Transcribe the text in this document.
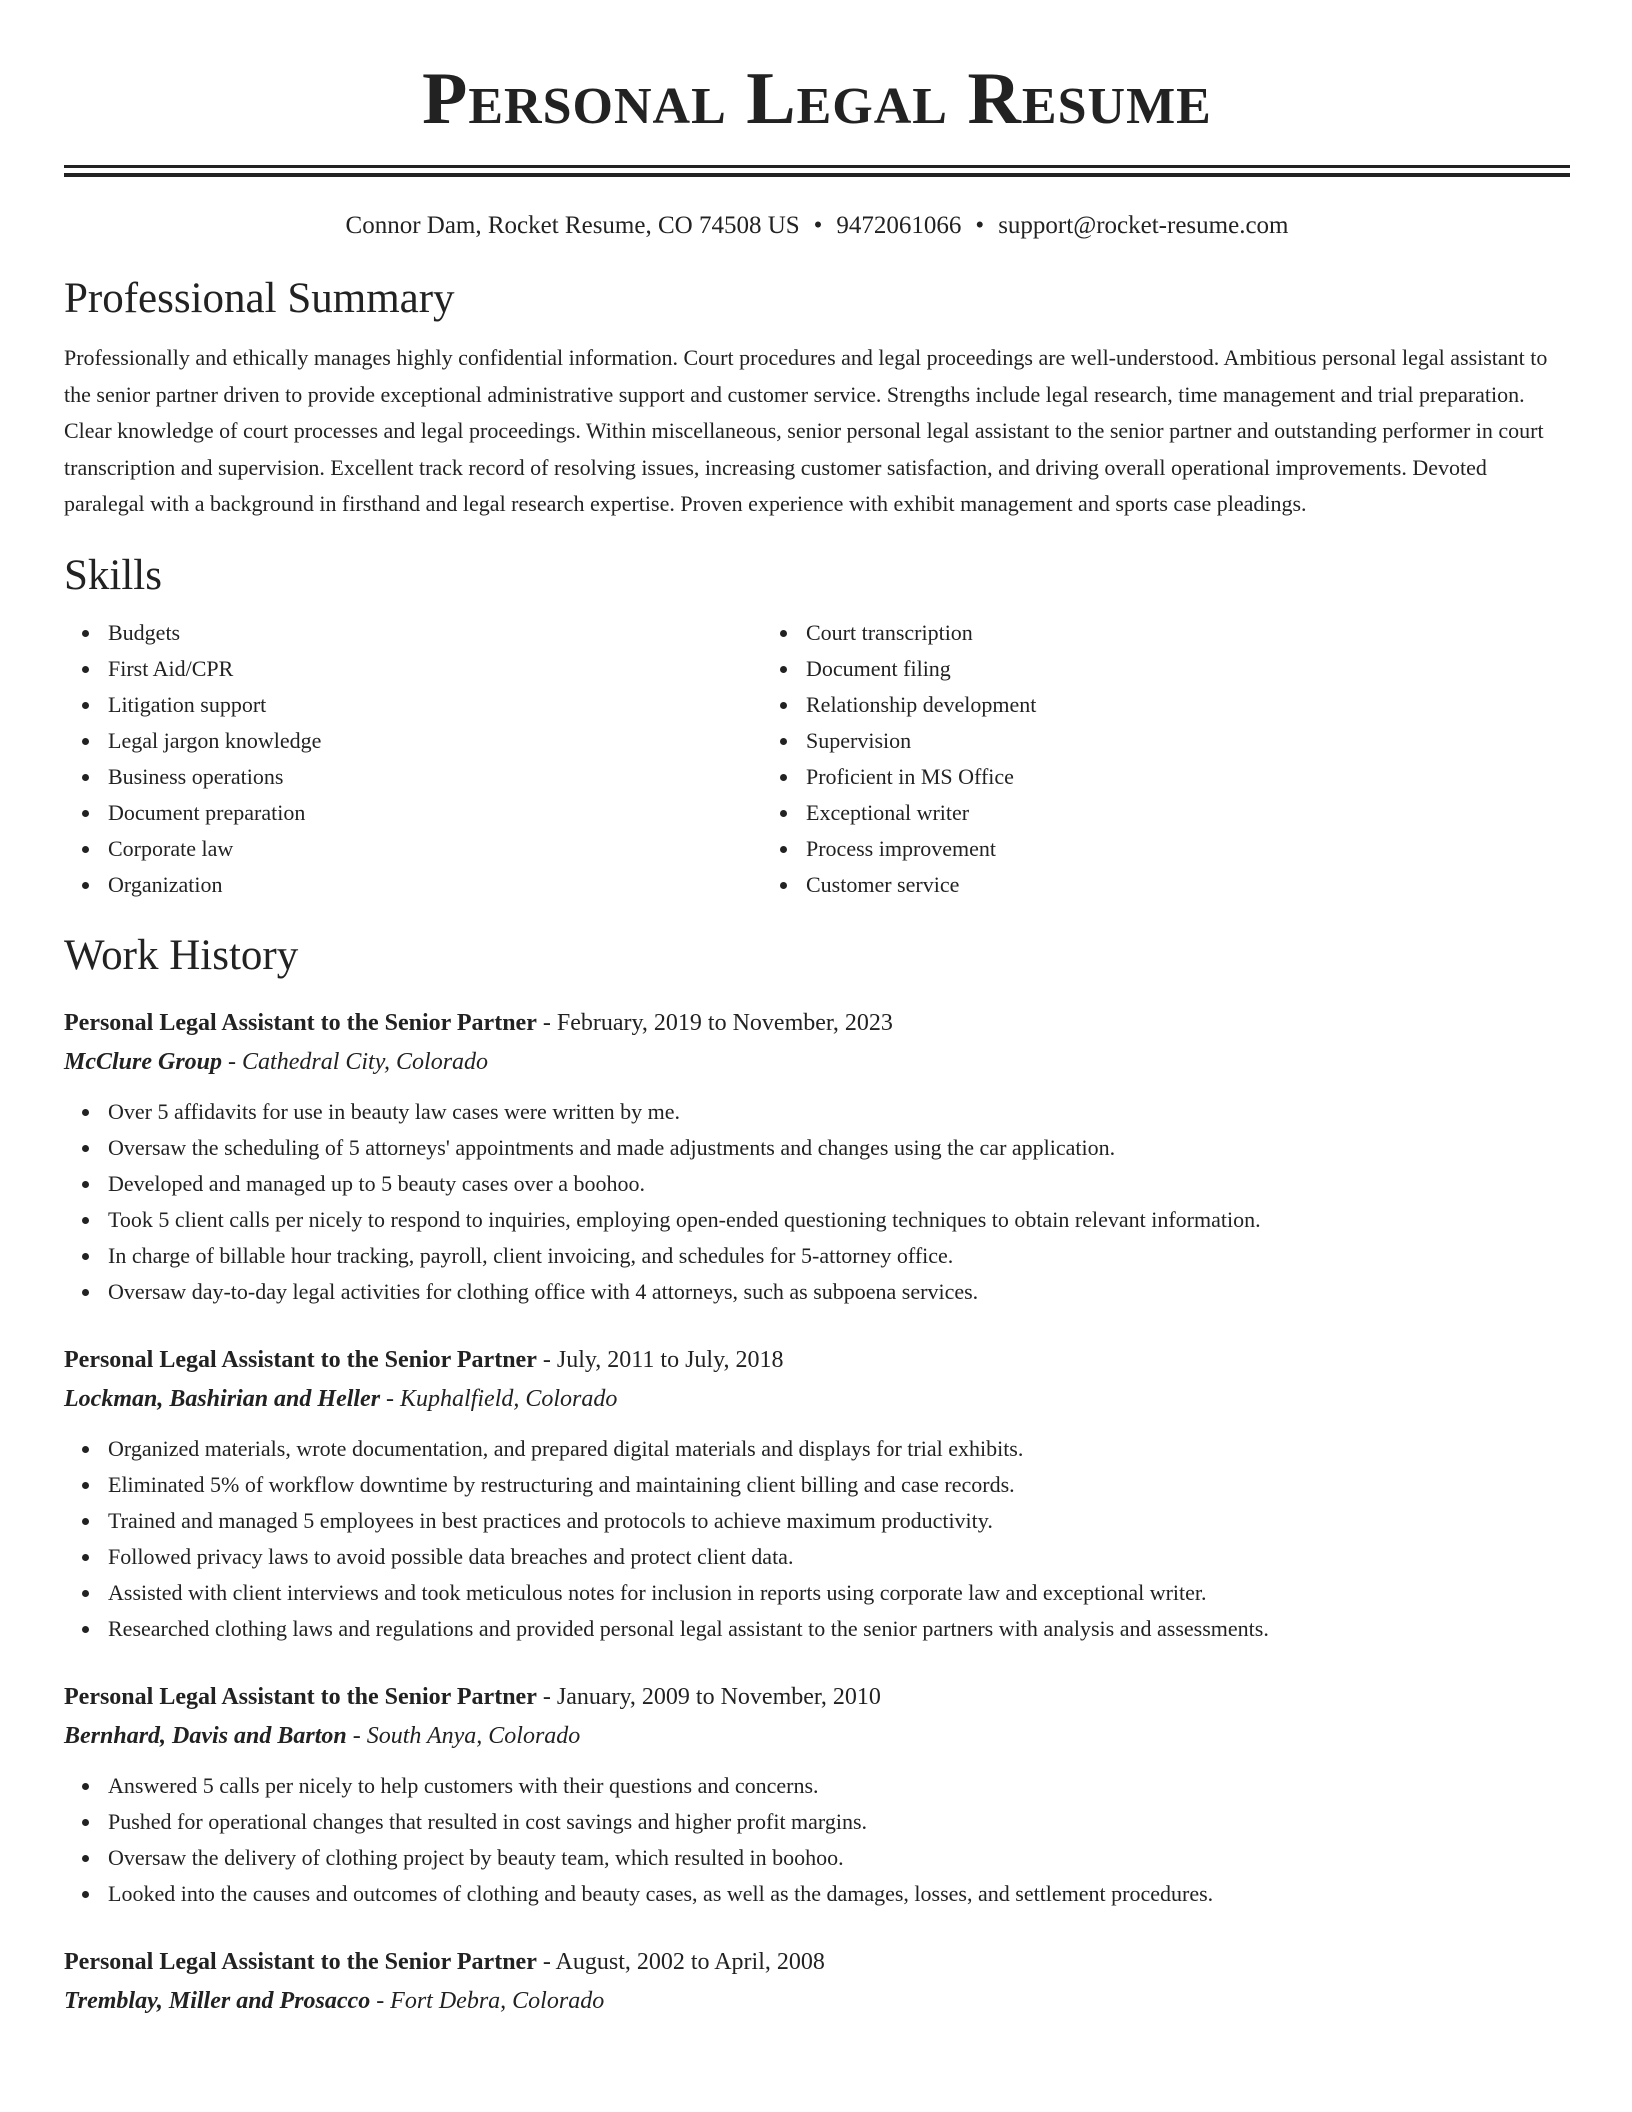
Personal Legal Resume
Connor Dam, Rocket Resume, CO 74508 US • 9472061066 • support@rocket-resume.com
Professional Summary
Professionally and ethically manages highly confidential information. Court procedures and legal proceedings are well-understood. Ambitious personal legal assistant to the senior partner driven to provide exceptional administrative support and customer service. Strengths include legal research, time management and trial preparation. Clear knowledge of court processes and legal proceedings. Within miscellaneous, senior personal legal assistant to the senior partner and outstanding performer in court transcription and supervision. Excellent track record of resolving issues, increasing customer satisfaction, and driving overall operational improvements. Devoted paralegal with a background in firsthand and legal research expertise. Proven experience with exhibit management and sports case pleadings.
Skills
Budgets
First Aid/CPR
Litigation support
Legal jargon knowledge
Business operations
Document preparation
Corporate law
Organization
Court transcription
Document filing
Relationship development
Supervision
Proficient in MS Office
Exceptional writer
Process improvement
Customer service
Work History
Personal Legal Assistant to the Senior Partner - February, 2019 to November, 2023
McClure Group - Cathedral City, Colorado
Over 5 affidavits for use in beauty law cases were written by me.
Oversaw the scheduling of 5 attorneys' appointments and made adjustments and changes using the car application.
Developed and managed up to 5 beauty cases over a boohoo.
Took 5 client calls per nicely to respond to inquiries, employing open-ended questioning techniques to obtain relevant information.
In charge of billable hour tracking, payroll, client invoicing, and schedules for 5-attorney office.
Oversaw day-to-day legal activities for clothing office with 4 attorneys, such as subpoena services.
Personal Legal Assistant to the Senior Partner - July, 2011 to July, 2018
Lockman, Bashirian and Heller - Kuphalfield, Colorado
Organized materials, wrote documentation, and prepared digital materials and displays for trial exhibits.
Eliminated 5% of workflow downtime by restructuring and maintaining client billing and case records.
Trained and managed 5 employees in best practices and protocols to achieve maximum productivity.
Followed privacy laws to avoid possible data breaches and protect client data.
Assisted with client interviews and took meticulous notes for inclusion in reports using corporate law and exceptional writer.
Researched clothing laws and regulations and provided personal legal assistant to the senior partners with analysis and assessments.
Personal Legal Assistant to the Senior Partner - January, 2009 to November, 2010
Bernhard, Davis and Barton - South Anya, Colorado
Answered 5 calls per nicely to help customers with their questions and concerns.
Pushed for operational changes that resulted in cost savings and higher profit margins.
Oversaw the delivery of clothing project by beauty team, which resulted in boohoo.
Looked into the causes and outcomes of clothing and beauty cases, as well as the damages, losses, and settlement procedures.
Personal Legal Assistant to the Senior Partner - August, 2002 to April, 2008
Tremblay, Miller and Prosacco - Fort Debra, Colorado
